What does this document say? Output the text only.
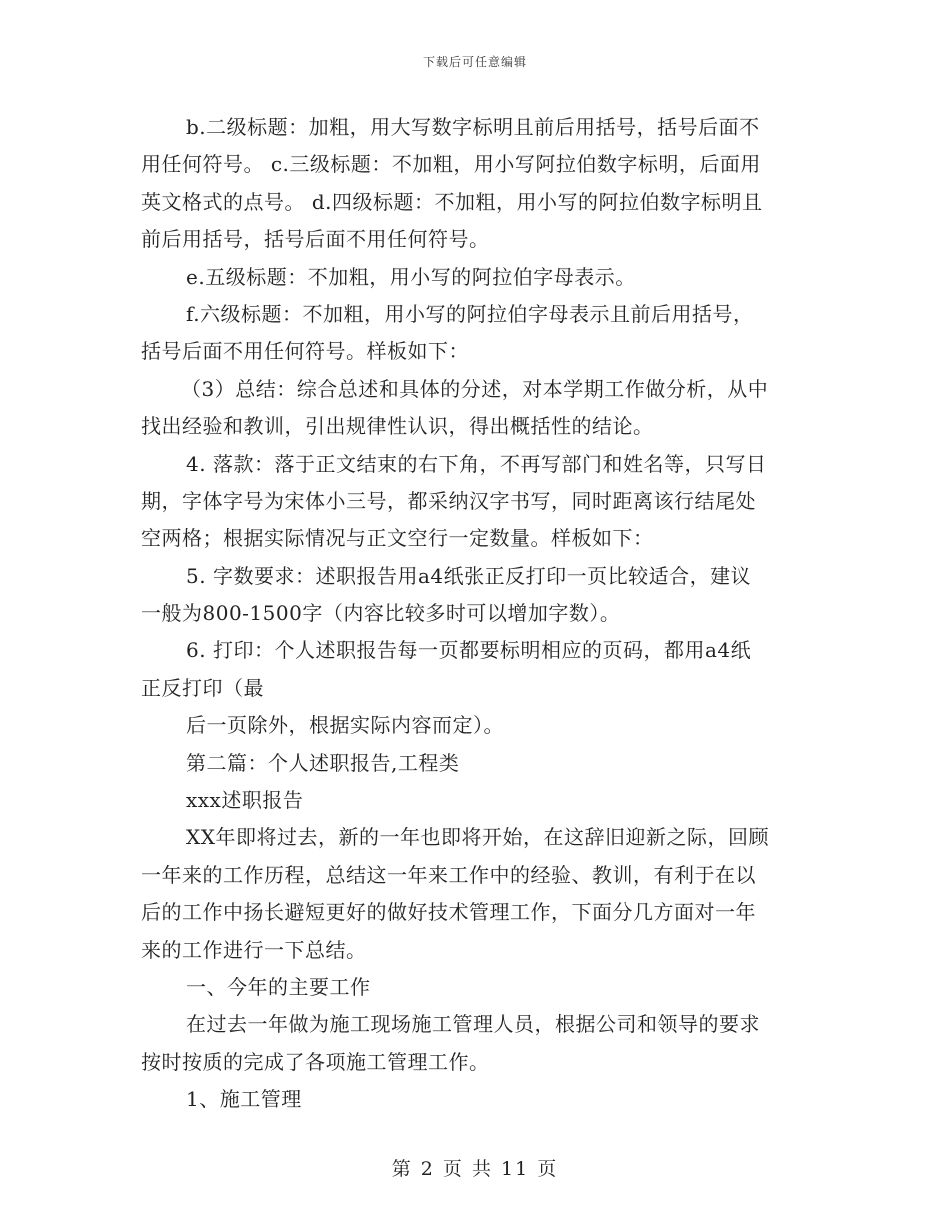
下载后可任意编辑
b.二级标题：加粗，用大写数字标明且前后用括号，括号后面不
用任何符号。 c.三级标题：不加粗，用小写阿拉伯数字标明，后面用
英文格式的点号。 d.四级标题：不加粗，用小写的阿拉伯数字标明且
前后用括号，括号后面不用任何符号。
e.五级标题：不加粗，用小写的阿拉伯字母表示。
f.六级标题：不加粗，用小写的阿拉伯字母表示且前后用括号，
括号后面不用任何符号。样板如下：
（3）总结：综合总述和具体的分述，对本学期工作做分析，从中
找出经验和教训，引出规律性认识，得出概括性的结论。
4. 落款：落于正文结束的右下角，不再写部门和姓名等，只写日
期，字体字号为宋体小三号，都采纳汉字书写，同时距离该行结尾处
空两格；根据实际情况与正文空行一定数量。样板如下：
5. 字数要求：述职报告用a4纸张正反打印一页比较适合，建议
一般为800-1500字（内容比较多时可以增加字数）。
6. 打印：个人述职报告每一页都要标明相应的页码，都用a4纸
正反打印（最
后一页除外，根据实际内容而定）。
第二篇：个人述职报告,工程类
xxx述职报告
XX年即将过去，新的一年也即将开始，在这辞旧迎新之际，回顾
一年来的工作历程，总结这一年来工作中的经验、教训，有利于在以
后的工作中扬长避短更好的做好技术管理工作，下面分几方面对一年
来的工作进行一下总结。
一、今年的主要工作
在过去一年做为施工现场施工管理人员，根据公司和领导的要求
按时按质的完成了各项施工管理工作。
1、施工管理
第 2 页 共 11 页
